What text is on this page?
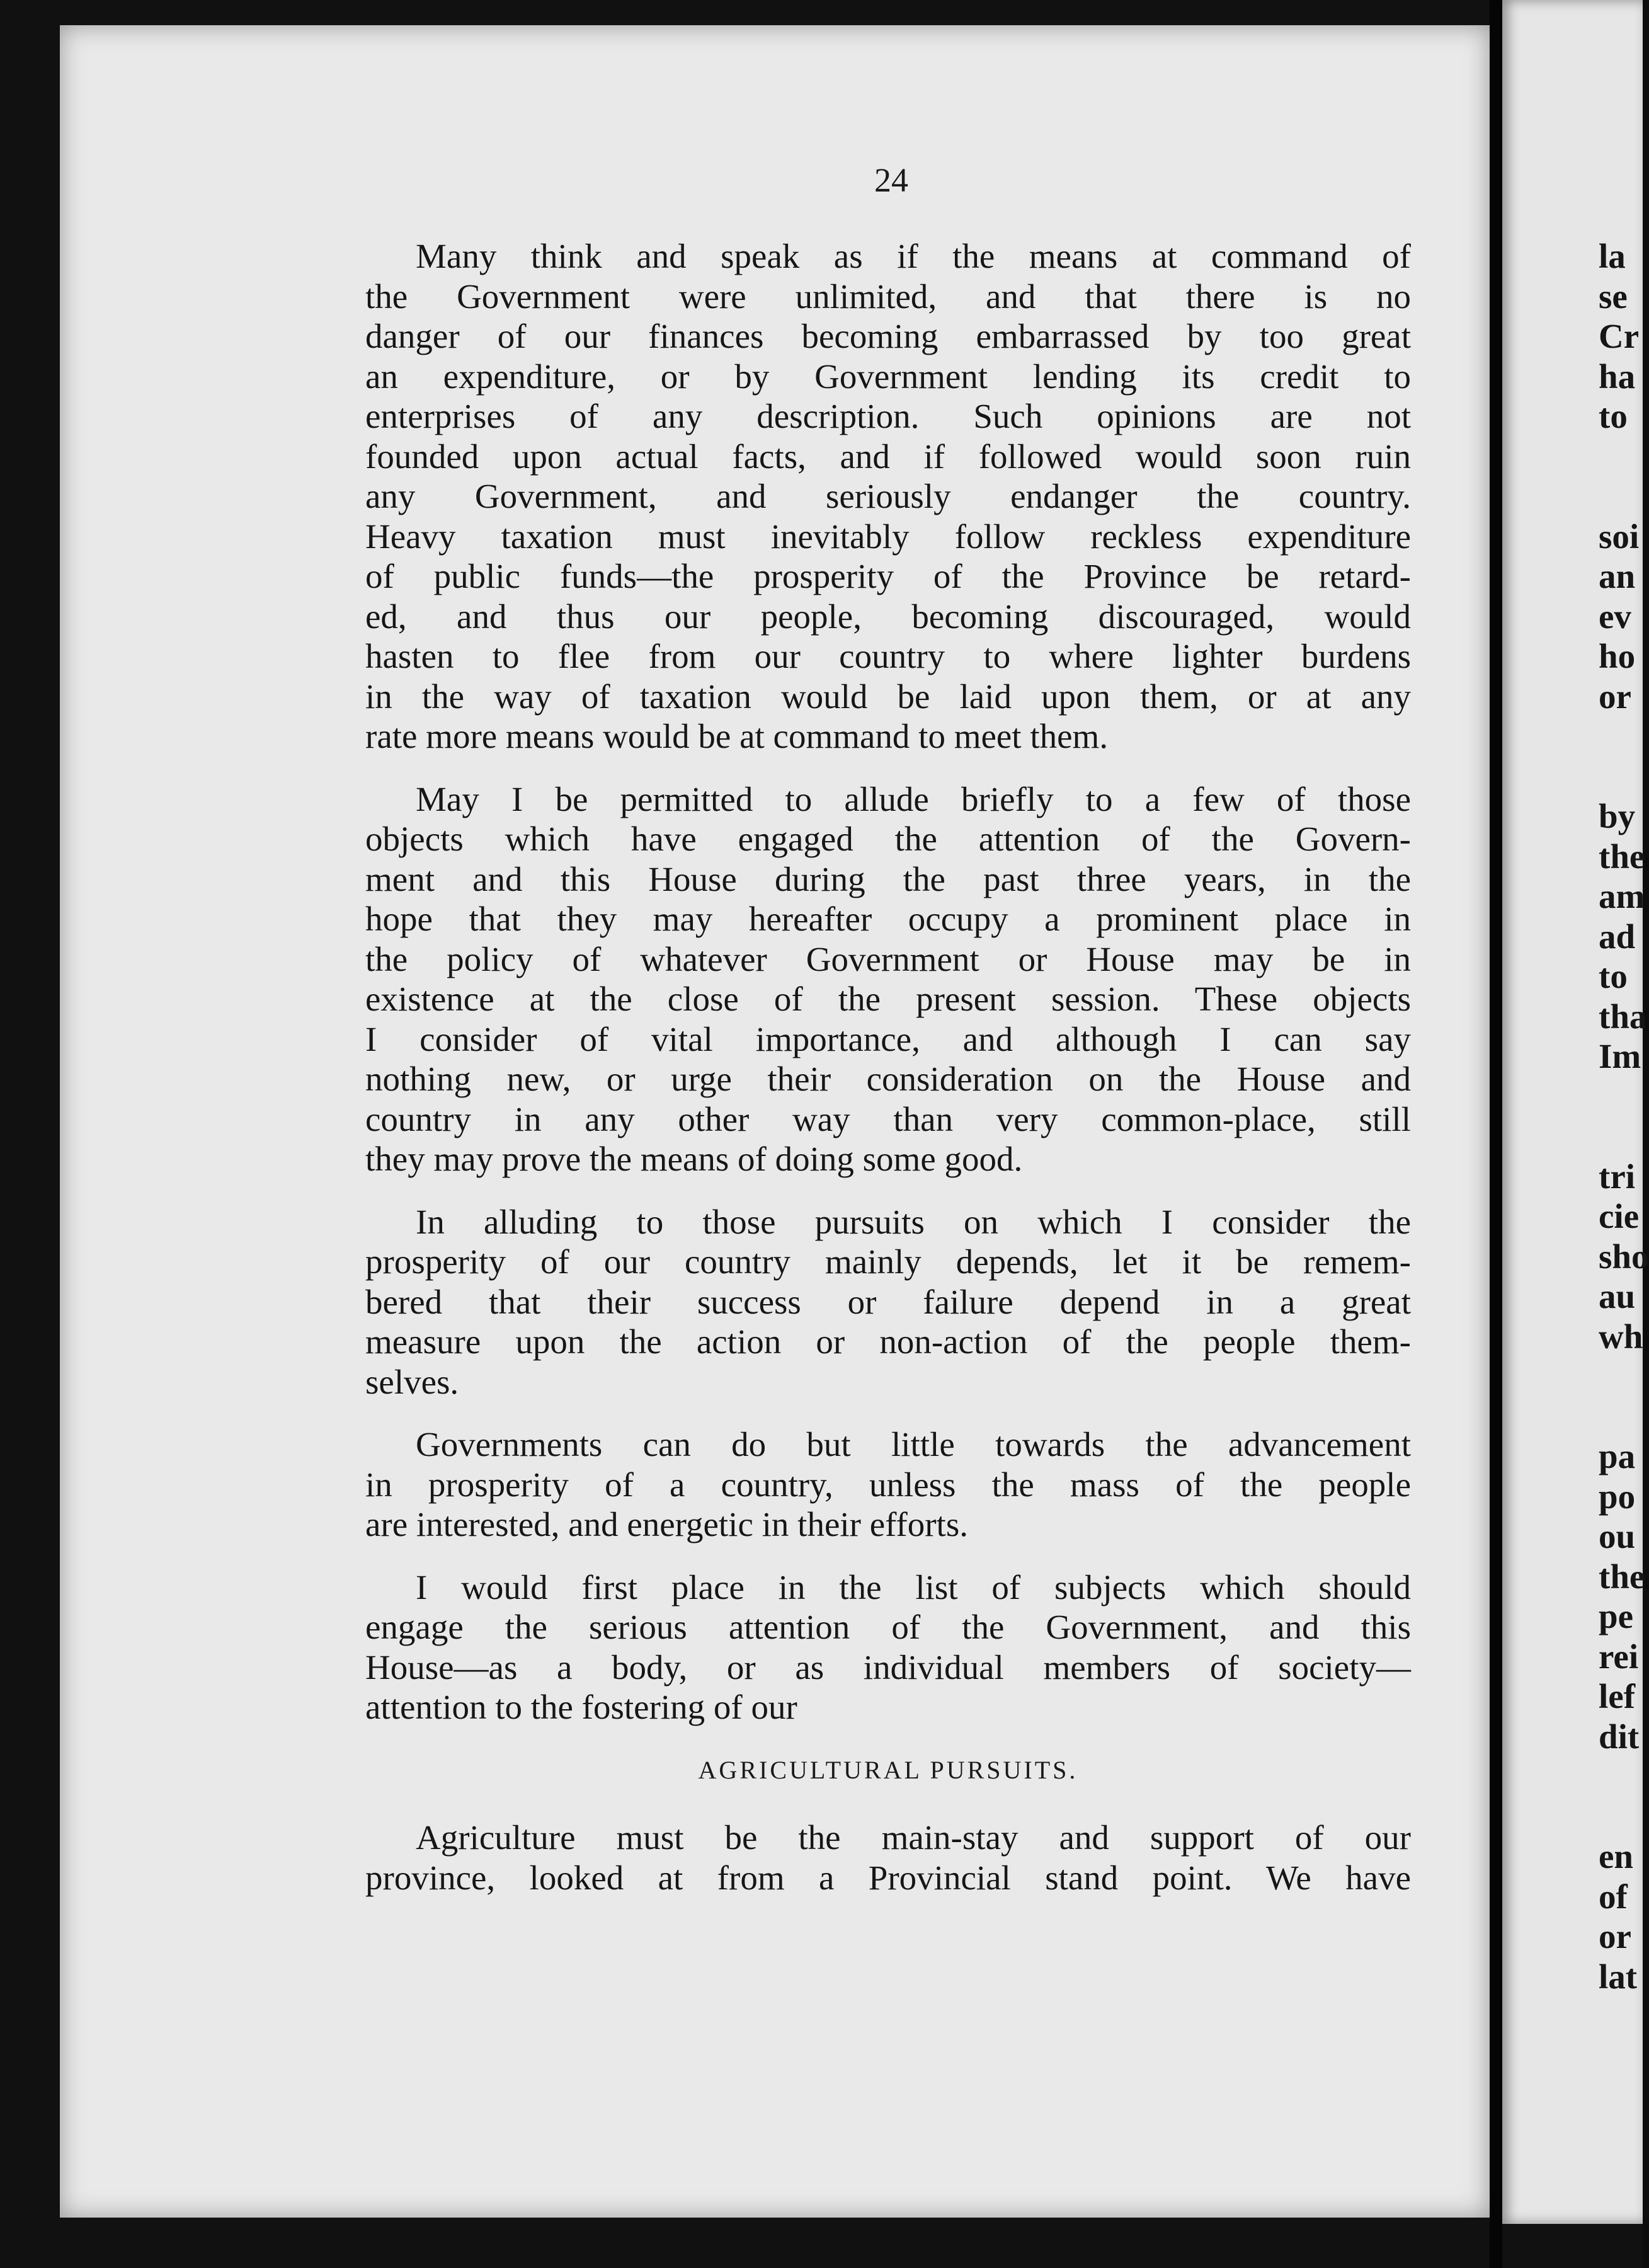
24

Many think and speak as if the means at command of
the Government were unlimited, and that there is no
danger of our finances becoming embarrassed by too great
an expenditure, or by Government lending its credit to
enterprises of any description. Such opinions are not
founded upon actual facts, and if followed would soon ruin
any Government, and seriously endanger the country.
Heavy taxation must inevitably follow reckless expenditure
of public funds—the prosperity of the Province be retard-
ed, and thus our people, becoming discouraged, would
hasten to flee from our country to where lighter burdens
in the way of taxation would be laid upon them, or at any
rate more means would be at command to meet them.

May I be permitted to allude briefly to a few of those
objects which have engaged the attention of the Govern-
ment and this House during the past three years, in the
hope that they may hereafter occupy a prominent place in
the policy of whatever Government or House may be in
existence at the close of the present session. These objects
I consider of vital importance, and although I can say
nothing new, or urge their consideration on the House and
country in any other way than very common-place, still
they may prove the means of doing some good.

In alluding to those pursuits on which I consider the
prosperity of our country mainly depends, let it be remem-
bered that their success or failure depend in a great
measure upon the action or non-action of the people them-
selves.

Governments can do but little towards the advancement
in prosperity of a country, unless the mass of the people
are interested, and energetic in their efforts.

I would first place in the list of subjects which should
engage the serious attention of the Government, and this
House—as a body, or as individual members of society—
attention to the fostering of our

AGRICULTURAL PURSUITS.

Agriculture must be the main-stay and support of our
province, looked at from a Provincial stand point. We have

la
se
Cr
ha
to
soi
an
ev
ho
or
by
the
am
ad
to
tha
Im
tri
cie
sho
au
wh
pa
po
ou
the
pe
rei
lef
dit
en
of
or
lat
